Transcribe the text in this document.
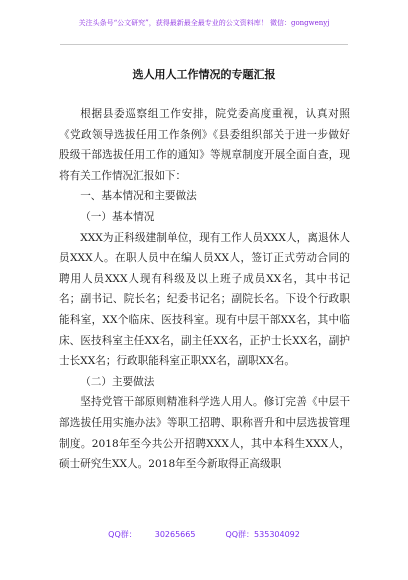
关注头条号“公文研究”，获得最新最全最专业的公文资料库！ 微信：gongwenyj
选人用人工作情况的专题汇报

根据县委巡察组工作安排，院党委高度重视，认真对照《党政领导选拔任用工作条例》《县委组织部关于进一步做好股级干部选拔任用工作的通知》等规章制度开展全面自查，现将有关工作情况汇报如下：

一、基本情况和主要做法

（一）基本情况

XXX为正科级建制单位，现有工作人员XXX人，离退休人员XXX人。在职人员中在编人员XX人，签订正式劳动合同的聘用人员XXX人现有科级及以上班子成员XX名，其中书记名；副书记、院长名；纪委书记名；副院长名。下设个行政职能科室，XX个临床、医技科室。现有中层干部XX名，其中临床、医技科室主任XX名，副主任XX名，正护士长XX名，副护士长XX名；行政职能科室正职XX名，副职XX名。

（二）主要做法

坚持党管干部原则精准科学选人用人。修订完善《中层干部选拔任用实施办法》等职工招聘、职称晋升和中层选拔管理制度。2018年至今共公开招聘XXX人，其中本科生XXX人，硕士研究生XX人。2018年至今新取得正高级职

QQ群： 30265665	QQ群：535304092
